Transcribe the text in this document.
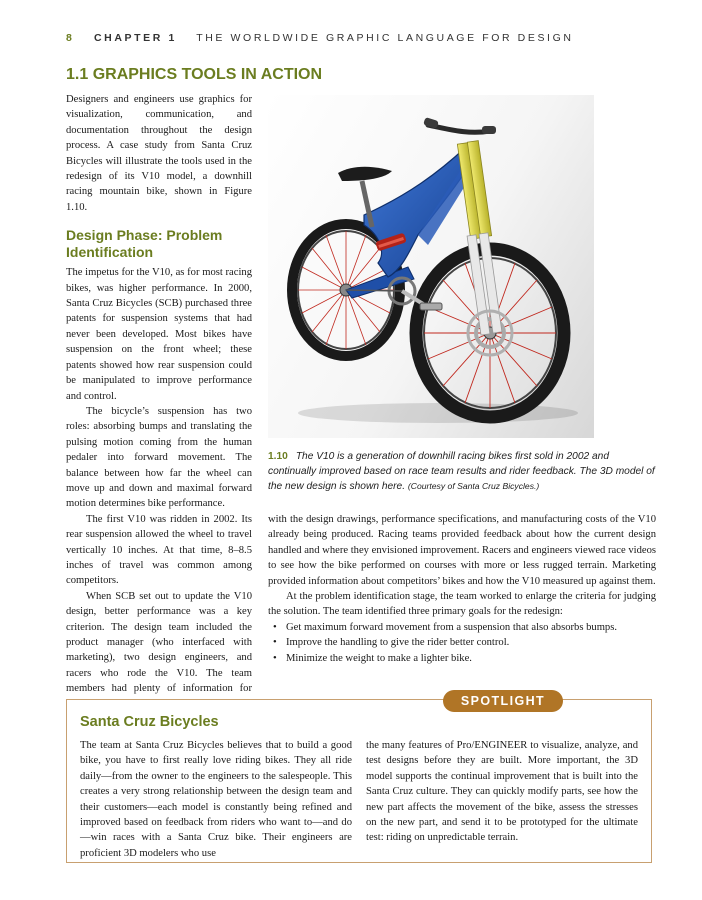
8 CHAPTER 1 THE WORLDWIDE GRAPHIC LANGUAGE FOR DESIGN
1.1 GRAPHICS TOOLS IN ACTION

Designers and engineers use graphics for visualization, communication, and documentation throughout the design process. A case study from Santa Cruz Bicycles will illustrate the tools used in the redesign of its V10 model, a downhill racing mountain bike, shown in Figure 1.10.

Design Phase: Problem Identification

The impetus for the V10, as for most racing bikes, was higher performance. In 2000, Santa Cruz Bicycles (SCB) purchased three patents for suspension systems that had never been developed. Most bikes have suspension on the front wheel; these patents showed how rear suspension could be manipulated to improve performance and control.

The bicycle’s suspension has two roles: absorbing bumps and translating the pulsing motion coming from the human pedaler into forward movement. The balance between how far the wheel can move up and down and maximal forward motion determines bike performance.

The first V10 was ridden in 2002. Its rear suspension allowed the wheel to travel vertically 10 inches. At that time, 8–8.5 inches of travel was common among competitors.

When SCB set out to update the V10 design, better performance was a key criterion. The design team included the product manager (who interfaced with marketing), two design engineers, and racers who rode the V10. The team members had plenty of information for

1.10 The V10 is a generation of downhill racing bikes first sold in 2002 and continually improved based on race team results and rider feedback. The 3D model of the new design is shown here. (Courtesy of Santa Cruz Bicycles.)

with the design drawings, performance specifications, and manufacturing costs of the V10 already being produced. Racing teams provided feedback about how the current design handled and where they envisioned improvement. Racers and engineers viewed race videos to see how the bike performed on courses with more or less rugged terrain. Marketing provided information about competitors’ bikes and how the V10 measured up against them.

At the problem identification stage, the team worked to enlarge the criteria for judging the solution. The team identified three primary goals for the redesign:

• Get maximum forward movement from a suspension that also absorbs bumps.
• Improve the handling to give the rider better control.
• Minimize the weight to make a lighter bike.
SPOTLIGHT
Santa Cruz Bicycles

The team at Santa Cruz Bicycles believes that to build a good bike, you have to first really love riding bikes. They all ride daily—from the owner to the engineers to the salespeople. This creates a very strong relationship between the design team and their customers—each model is constantly being refined and improved based on feedback from riders who want to—and do—win races with a Santa Cruz bike. Their engineers are proficient 3D modelers who use

the many features of Pro/ENGINEER to visualize, analyze, and test designs before they are built. More important, the 3D model supports the continual improvement that is built into the Santa Cruz culture. They can quickly modify parts, see how the new part affects the movement of the bike, assess the stresses on the new part, and send it to be prototyped for the ultimate test: riding on unpredictable terrain.
